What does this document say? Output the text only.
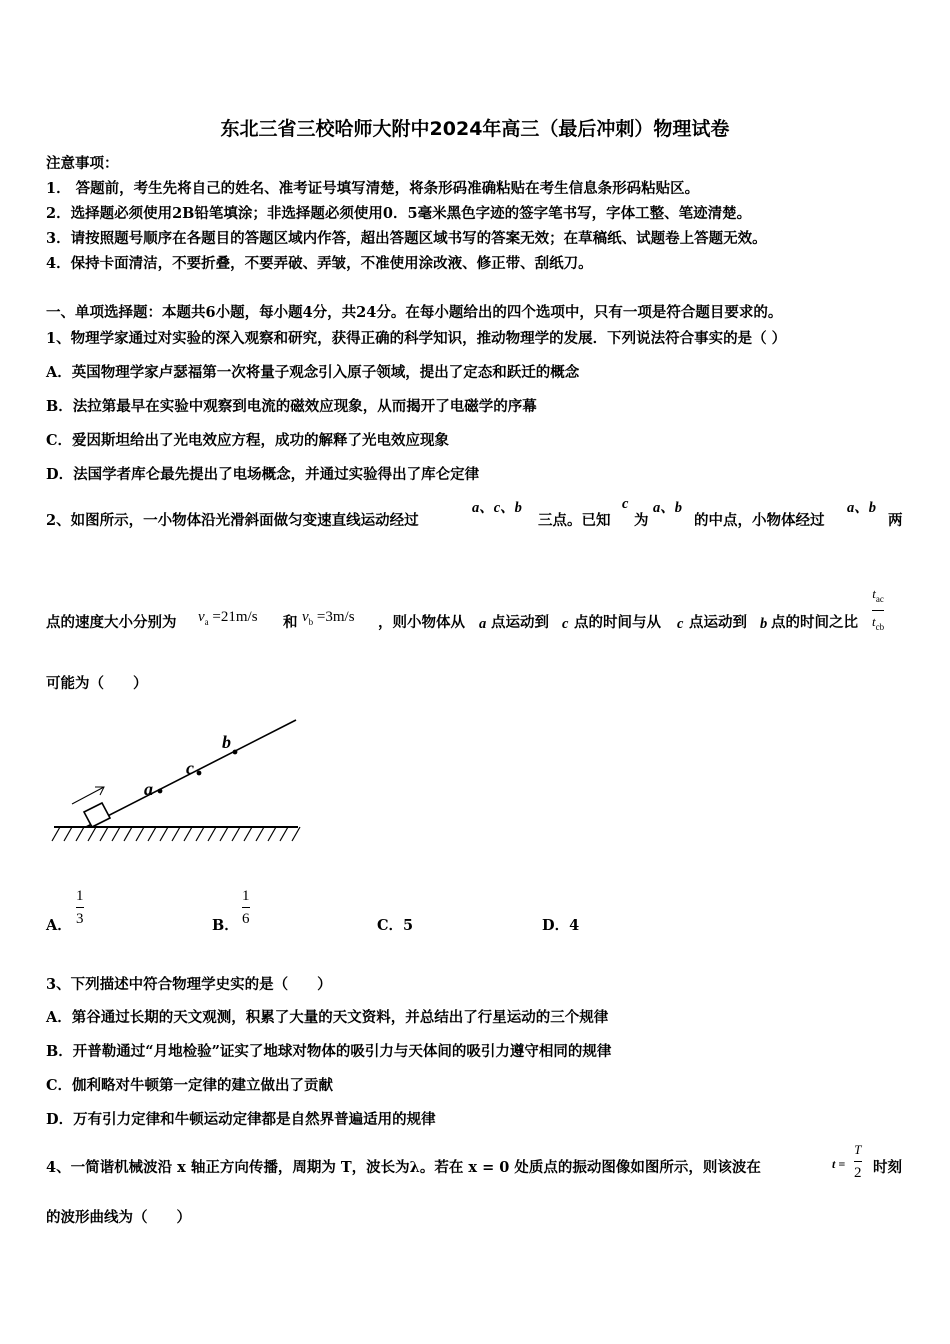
东北三省三校哈师大附中2024年高三（最后冲刺）物理试卷
注意事项：
1． 答题前，考生先将自己的姓名、准考证号填写清楚，将条形码准确粘贴在考生信息条形码粘贴区。
2．选择题必须使用2B铅笔填涂；非选择题必须使用0．5毫米黑色字迹的签字笔书写，字体工整、笔迹清楚。
3．请按照题号顺序在各题目的答题区域内作答，超出答题区域书写的答案无效；在草稿纸、试题卷上答题无效。
4．保持卡面清洁，不要折叠，不要弄破、弄皱，不准使用涂改液、修正带、刮纸刀。
一、单项选择题：本题共6小题，每小题4分，共24分。在每小题给出的四个选项中，只有一项是符合题目要求的。
1、物理学家通过对实验的深入观察和研究，获得正确的科学知识，推动物理学的发展．下列说法符合事实的是（ ）
A．英国物理学家卢瑟福第一次将量子观念引入原子领域，提出了定态和跃迁的概念
B．法拉第最早在实验中观察到电流的磁效应现象，从而揭开了电磁学的序幕
C．爱因斯坦给出了光电效应方程，成功的解释了光电效应现象
D．法国学者库仑最先提出了电场概念，并通过实验得出了库仑定律
2、如图所示，一小物体沿光滑斜面做匀变速直线运动经过
a、c、b
三点。已知
c
为
a、b
的中点，小物体经过
a、b
两
点的速度大小分别为 $v_a =21m/s$ 和 $v_b =3m/s$ ，则小物体从 a 点运动到 c 点的时间与从 c 点运动到 b 点的时间之比
$t_{ac}$
$t_{cb}$
可能为（　　）
a
c
b
A．
1
3	B．
1
6	C．5	D．4
3、下列描述中符合物理学史实的是（　　）
A．第谷通过长期的天文观测，积累了大量的天文资料，并总结出了行星运动的三个规律
B．开普勒通过“月地检验”证实了地球对物体的吸引力与天体间的吸引力遵守相同的规律
C．伽利略对牛顿第一定律的建立做出了贡献
D．万有引力定律和牛顿运动定律都是自然界普遍适用的规律
4、一简谐机械波沿 x 轴正方向传播，周期为 T，波长为λ。若在 x = 0 处质点的振动图像如图所示，则该波在	t =
T
2 时刻
的波形曲线为（　　）
